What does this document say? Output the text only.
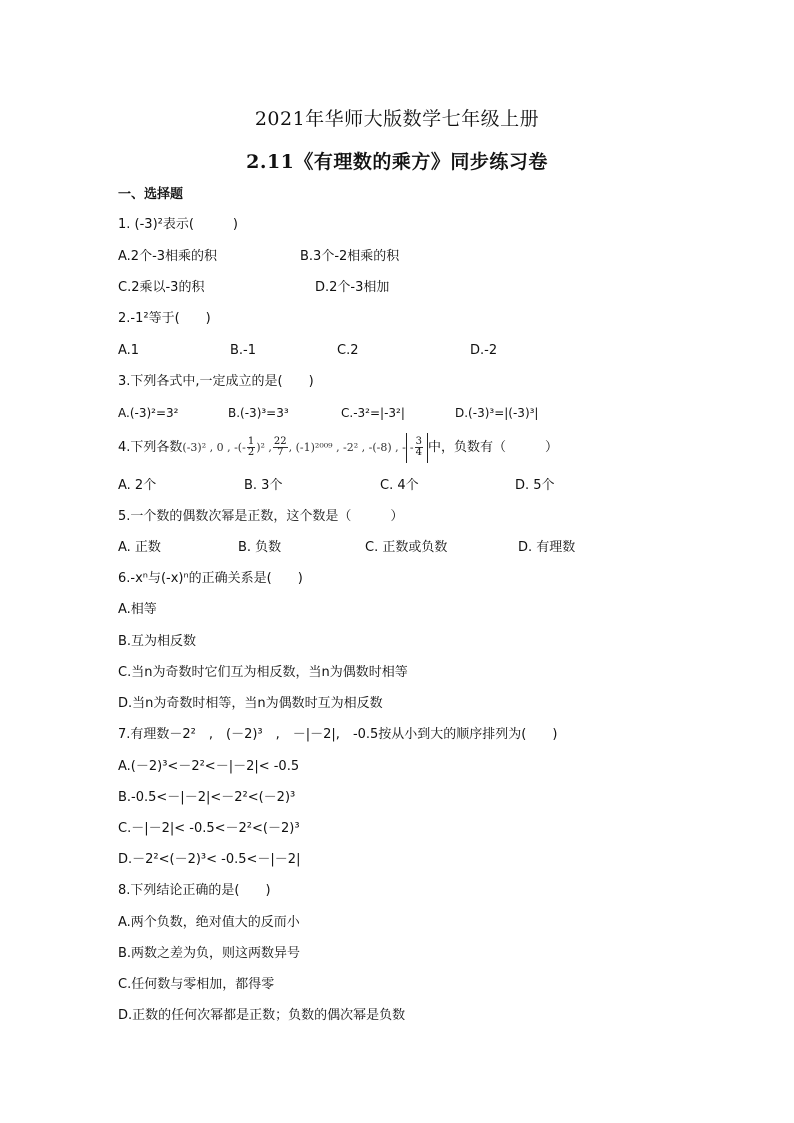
2021年华师大版数学七年级上册
2.11《有理数的乘方》同步练习卷
一、选择题
1. (-3)²表示(　　　)
A.2个-3相乘的积	B.3个-2相乘的积
C.2乘以-3的积	D.2个-3相加
2.-1²等于(　　)
A.1	B.-1	C.2	D.-2
3.下列各式中,一定成立的是(　　)
A.(-3)²=3²	B.(-3)³=3³	C.-3²=|-3²|	D.(-3)³=|(-3)³|
4.下列各数(-3)² , 0 , -(- $\frac{1}{2} )^2$ , $\frac{22}{7}$ , (-1)²⁰⁰⁹ , -2² , -(-8) , - - $\frac{3}{4}$ 中，负数有（　　　）
A. 2个	B. 3个	C. 4个	D. 5个
5.一个数的偶数次幂是正数，这个数是（　　　）
A. 正数	B. 负数	C. 正数或负数	D. 有理数
6.-xⁿ与(-x)ⁿ的正确关系是(　　)
A.相等
B.互为相反数
C.当n为奇数时它们互为相反数，当n为偶数时相等
D.当n为奇数时相等，当n为偶数时互为相反数
7.有理数－2²　,　(－2)³　,　－|－2|,　-0.5按从小到大的顺序排列为(　　)
A.(－2)³<－2²<－|－2|< -0.5
B.-0.5<－|－2|<－2²<(－2)³
C.－|－2|< -0.5<－2²<(－2)³
D.－2²<(－2)³< -0.5<－|－2|
8.下列结论正确的是(　　)
A.两个负数，绝对值大的反而小
B.两数之差为负，则这两数异号
C.任何数与零相加，都得零
D.正数的任何次幂都是正数；负数的偶次幂是负数
